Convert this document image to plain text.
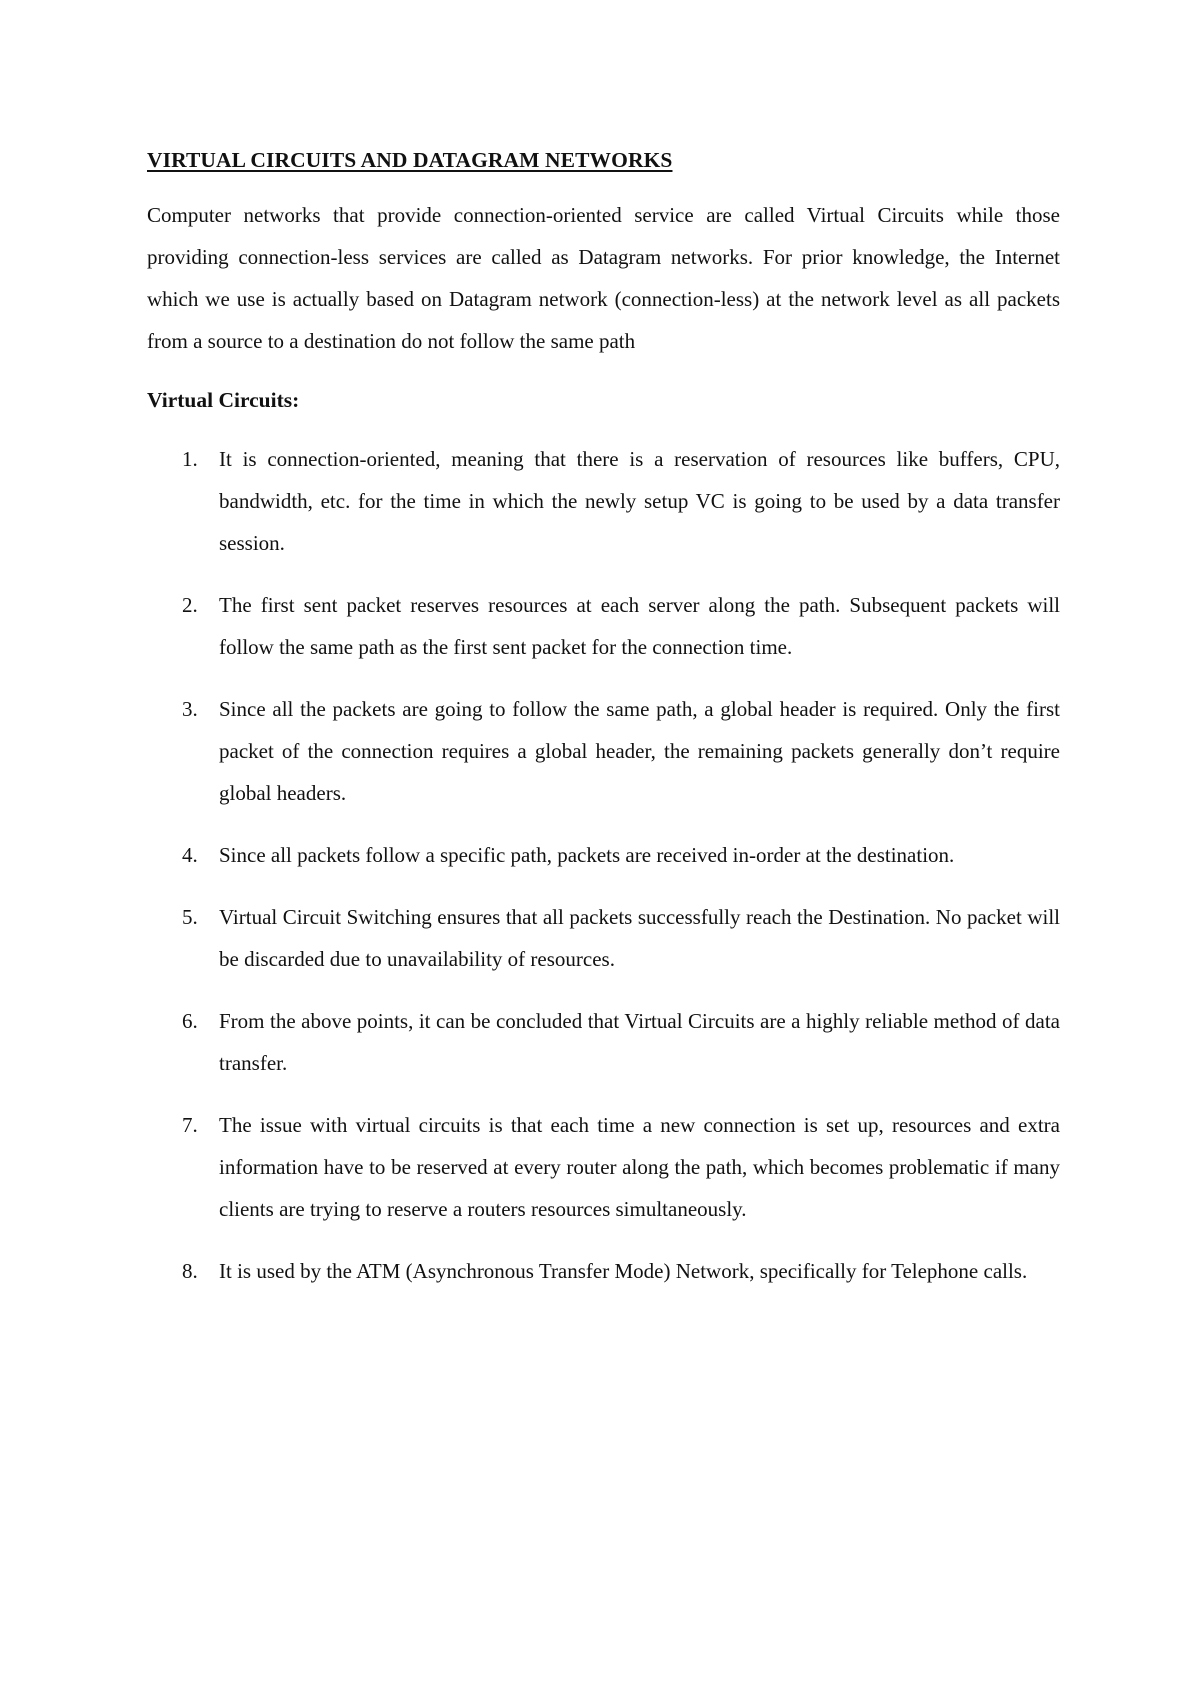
VIRTUAL CIRCUITS AND DATAGRAM NETWORKS

Computer networks that provide connection-oriented service are called Virtual Circuits while those providing connection-less services are called as Datagram networks. For prior knowledge, the Internet which we use is actually based on Datagram network (connection-less) at the network level as all packets from a source to a destination do not follow the same path

Virtual Circuits:
1.	It is connection-oriented, meaning that there is a reservation of resources like buffers, CPU, bandwidth, etc. for the time in which the newly setup VC is going to be used by a data transfer session.
2.	The first sent packet reserves resources at each server along the path. Subsequent packets will follow the same path as the first sent packet for the connection time.
3.	Since all the packets are going to follow the same path, a global header is required. Only the first packet of the connection requires a global header, the remaining packets generally don’t require global headers.
4.	Since all packets follow a specific path, packets are received in-order at the destination.
5.	Virtual Circuit Switching ensures that all packets successfully reach the Destination. No packet will be discarded due to unavailability of resources.
6.	From the above points, it can be concluded that Virtual Circuits are a highly reliable method of data transfer.
7.	The issue with virtual circuits is that each time a new connection is set up, resources and extra information have to be reserved at every router along the path, which becomes problematic if many clients are trying to reserve a routers resources simultaneously.
8.	It is used by the ATM (Asynchronous Transfer Mode) Network, specifically for Telephone calls.
